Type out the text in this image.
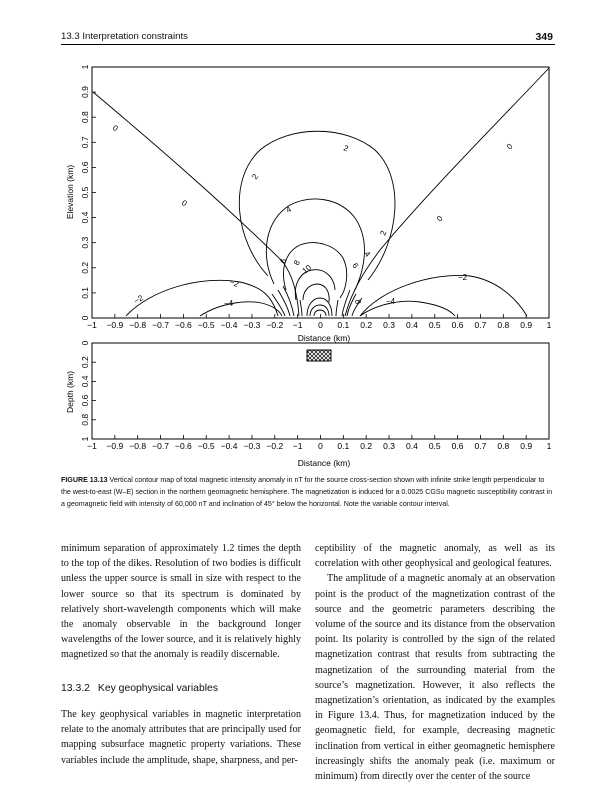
13.3 Interpretation constraints	349
0
0.1
0.2
0.3
0.4
0.5
0.6
0.7
0.8
0.9
1
−1 −0.9 −0.8 −0.7 −0.6 −0.5 −0.4 −0.3 −0.2 −1 0 0.1 0.2 0.3 0.4 0.5 0.6 0.7 0.8 0.9 1
Distance (km)
Elevation (km)
0
0
0
0
−2
−2	−2
−4	−4
2
2
2
4
4
6
6
8
8
10
0
0.2
0.4
0.6
0.8
1
−1 −0.9 −0.8 −0.7 −0.6 −0.5 −0.4 −0.3 −0.2 −1 0 0.1 0.2 0.3 0.4 0.5 0.6 0.7 0.8 0.9 1
Distance (km)
Depth (km)
FIGURE 13.13 Vertical contour map of total magnetic intensity anomaly in nT for the source cross-section shown with infinite strike length perpendicular to the west-to-east (W–E) section in the northern geomagnetic hemisphere. The magnetization is induced for a 0.0025 CGSu magnetic susceptibility contrast in a geomagnetic field with intensity of 60,000 nT and inclination of 45° below the horizontal. Note the variable contour interval.

minimum separation of approximately 1.2 times the depth to the top of the dikes. Resolution of two bodies is difficult unless the upper source is small in size with respect to the lower source so that its spectrum is dominated by relatively short-wavelength components which will make the anomaly observable in the background longer wavelengths of the lower source, and it is relatively highly magnetized so that the anomaly is readily discernable.

13.3.2 Key geophysical variables

The key geophysical variables in magnetic interpretation relate to the anomaly attributes that are principally used for mapping subsurface magnetic property variations. These variables include the amplitude, shape, sharpness, and per-

ceptibility of the magnetic anomaly, as well as its correlation with other geophysical and geological features.

The amplitude of a magnetic anomaly at an observation point is the product of the magnetization contrast of the source and the geometric parameters describing the volume of the source and its distance from the observation point. Its polarity is controlled by the sign of the related magnetization contrast that results from subtracting the magnetization of the surrounding material from the source’s magnetization. However, it also reflects the magnetization’s orientation, as indicated by the examples in Figure 13.4. Thus, for magnetization induced by the geomagnetic field, for example, decreasing magnetic inclination from vertical in either geomagnetic hemisphere increasingly shifts the anomaly peak (i.e. maximum or minimum) from directly over the center of the source
